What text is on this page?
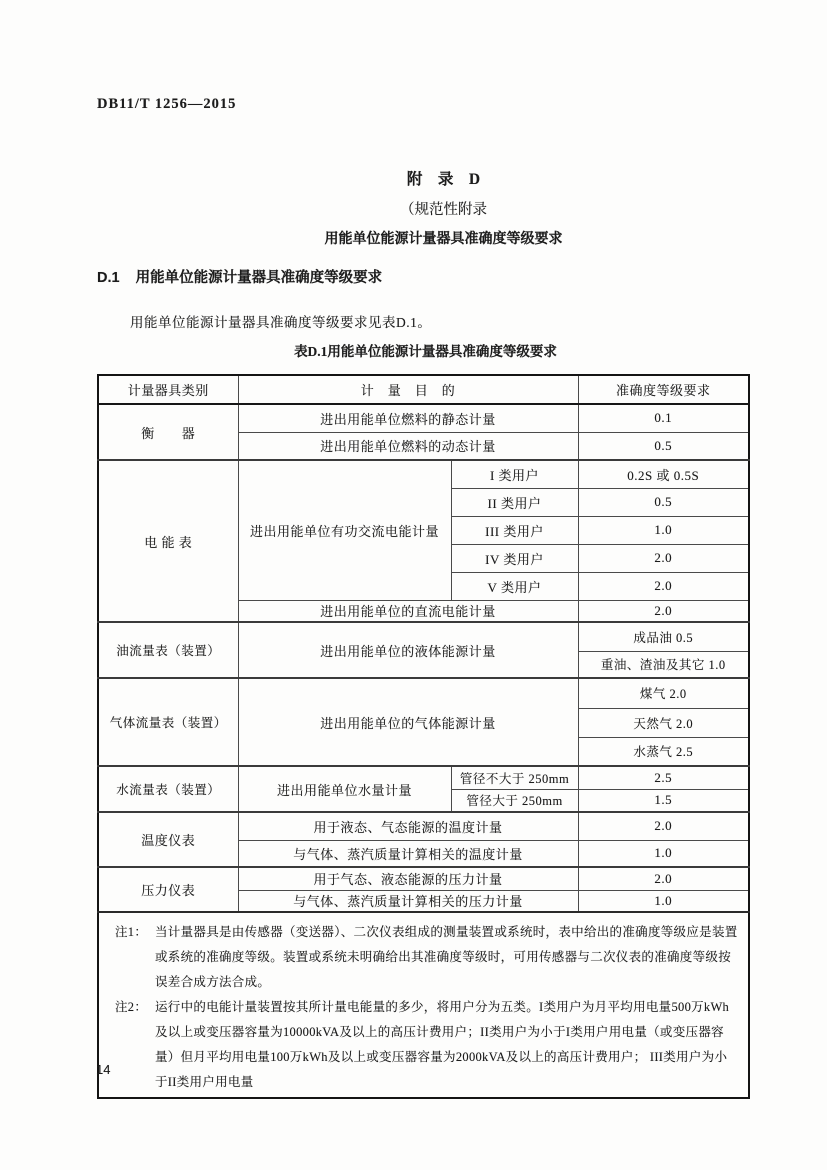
DB11/T 1256—2015
附　录　D
（规范性附录
用能单位能源计量器具准确度等级要求
D.1 用能单位能源计量器具准确度等级要求
用能单位能源计量器具准确度等级要求见表D.1。
表D.1用能单位能源计量器具准确度等级要求
计量器具类别	计　量　目　的		准确度等级要求
衡　　器	进出用能单位燃料的静态计量		0.1
	进出用能单位燃料的动态计量		0.5
电 能 表	进出用能单位有功交流电能计量	I 类用户	0.2S 或 0.5S
		II 类用户	0.5
		III 类用户	1.0
		IV 类用户	2.0
		V 类用户	2.0
	进出用能单位的直流电能计量		2.0
油流量表（装置）	进出用能单位的液体能源计量		成品油 0.5
			重油、渣油及其它 1.0
气体流量表（装置）	进出用能单位的气体能源计量		煤气 2.0
			天然气 2.0
			水蒸气 2.5
水流量表（装置）	进出用能单位水量计量	管径不大于 250mm	2.5
		管径大于 250mm	1.5
温度仪表	用于液态、气态能源的温度计量		2.0
	与气体、蒸汽质量计算相关的温度计量		1.0
压力仪表	用于气态、液态能源的压力计量		2.0
	与气体、蒸汽质量计算相关的压力计量		1.0

注1： 当计量器具是由传感器（变送器）、二次仪表组成的测量装置或系统时，表中给出的准确度等级应是装置或系统的准确度等级。装置或系统未明确给出其准确度等级时，可用传感器与二次仪表的准确度等级按误差合成方法合成。
注2： 运行中的电能计量装置按其所计量电能量的多少，将用户分为五类。I类用户为月平均用电量500万kWh及以上或变压器容量为10000kVA及以上的高压计费用户；II类用户为小于I类用户用电量（或变压器容量）但月平均用电量100万kWh及以上或变压器容量为2000kVA及以上的高压计费用户； III类用户为小于II类用户用电量			
14
